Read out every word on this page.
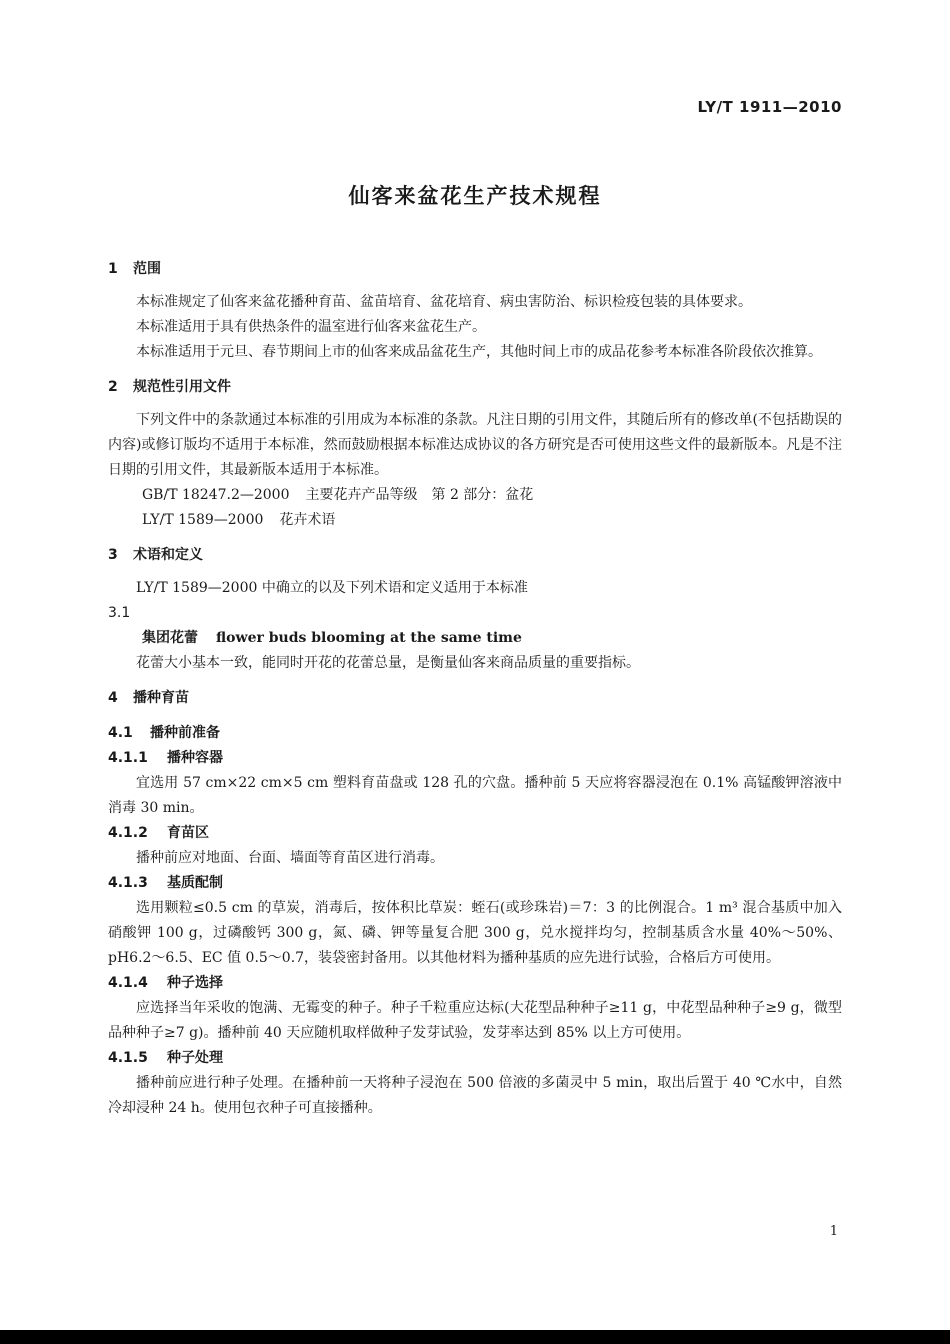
LY/T 1911—2010
仙客来盆花生产技术规程

1 范围

本标准规定了仙客来盆花播种育苗、盆苗培育、盆花培育、病虫害防治、标识检疫包装的具体要求。

本标准适用于具有供热条件的温室进行仙客来盆花生产。

本标准适用于元旦、春节期间上市的仙客来成品盆花生产，其他时间上市的成品花参考本标准各阶段依次推算。

2 规范性引用文件

下列文件中的条款通过本标准的引用成为本标准的条款。凡注日期的引用文件，其随后所有的修改单(不包括勘误的内容)或修订版均不适用于本标准，然而鼓励根据本标准达成协议的各方研究是否可使用这些文件的最新版本。凡是不注日期的引用文件，其最新版本适用于本标准。

GB/T 18247.2—2000 主要花卉产品等级　第 2 部分：盆花

LY/T 1589—2000 花卉术语

3 术语和定义

LY/T 1589—2000 中确立的以及下列术语和定义适用于本标准

3.1

集团花蕾 flower buds blooming at the same time

花蕾大小基本一致，能同时开花的花蕾总量，是衡量仙客来商品质量的重要指标。

4 播种育苗

4.1 播种前准备

4.1.1 播种容器

宜选用 57 cm×22 cm×5 cm 塑料育苗盘或 128 孔的穴盘。播种前 5 天应将容器浸泡在 0.1% 高锰酸钾溶液中消毒 30 min。

4.1.2 育苗区

播种前应对地面、台面、墙面等育苗区进行消毒。

4.1.3 基质配制

选用颗粒≤0.5 cm 的草炭，消毒后，按体积比草炭：蛭石(或珍珠岩)＝7：3 的比例混合。1 m³ 混合基质中加入硝酸钾 100 g，过磷酸钙 300 g，氮、磷、钾等量复合肥 300 g，兑水搅拌均匀，控制基质含水量 40%～50%、pH6.2～6.5、EC 值 0.5～0.7，装袋密封备用。以其他材料为播种基质的应先进行试验，合格后方可使用。

4.1.4 种子选择

应选择当年采收的饱满、无霉变的种子。种子千粒重应达标(大花型品种种子≥11 g，中花型品种种子≥9 g，微型品种种子≥7 g)。播种前 40 天应随机取样做种子发芽试验，发芽率达到 85% 以上方可使用。

4.1.5 种子处理

播种前应进行种子处理。在播种前一天将种子浸泡在 500 倍液的多菌灵中 5 min，取出后置于 40 ℃水中，自然冷却浸种 24 h。使用包衣种子可直接播种。

1
